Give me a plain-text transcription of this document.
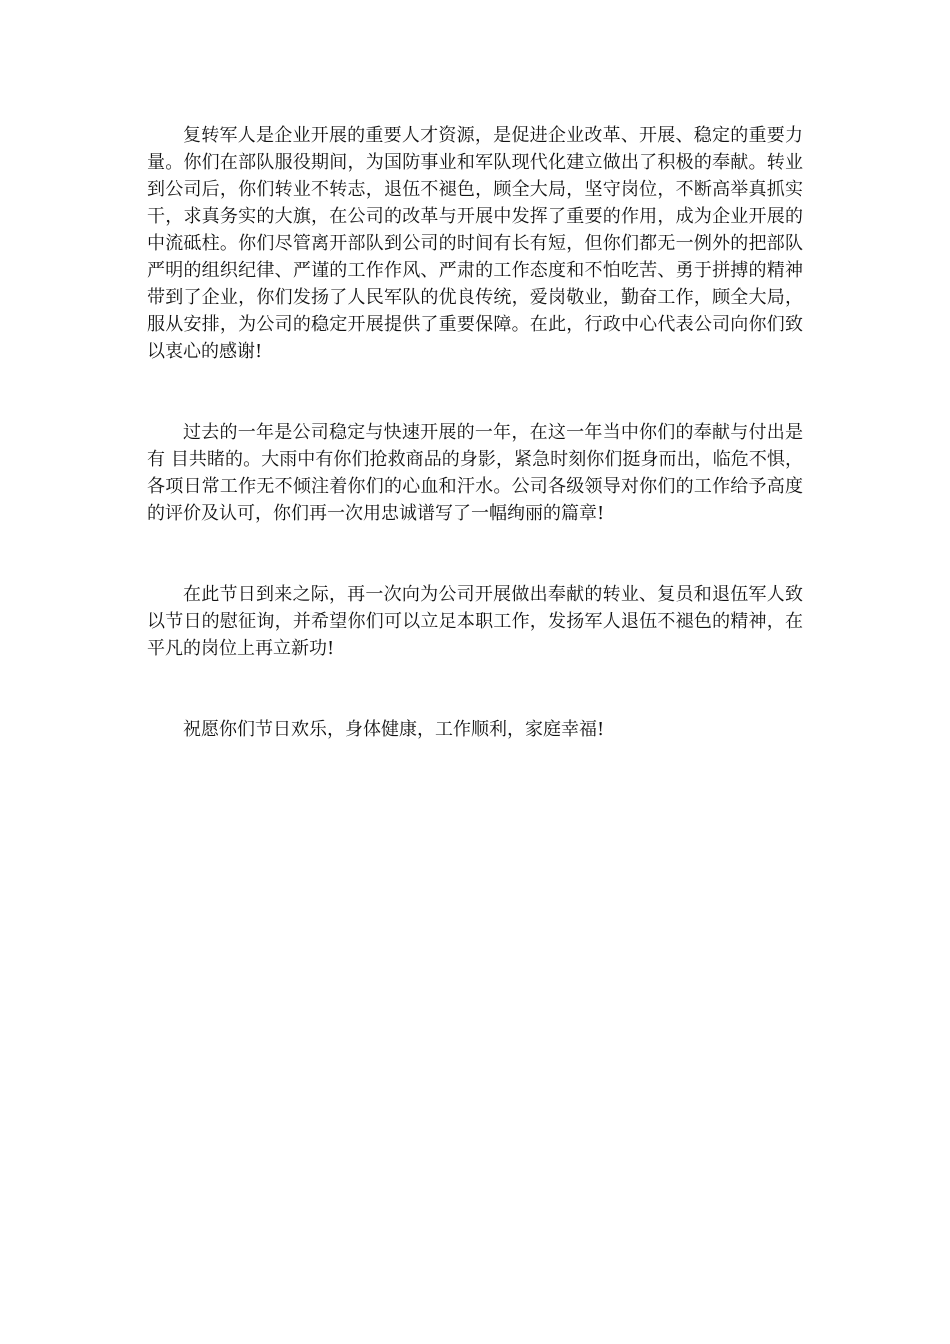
复转军人是企业开展的重要人才资源，是促进企业改革、开展、稳定的重要力量。你们在部队服役期间，为国防事业和军队现代化建立做出了积极的奉献。转业到公司后，你们转业不转志，退伍不褪色，顾全大局，坚守岗位，不断高举真抓实干，求真务实的大旗，在公司的改革与开展中发挥了重要的作用，成为企业开展的中流砥柱。你们尽管离开部队到公司的时间有长有短，但你们都无一例外的把部队严明的组织纪律、严谨的工作作风、严肃的工作态度和不怕吃苦、勇于拼搏的精神带到了企业，你们发扬了人民军队的优良传统，爱岗敬业，勤奋工作，顾全大局，服从安排，为公司的稳定开展提供了重要保障。在此，行政中心代表公司向你们致以衷心的感谢!

过去的一年是公司稳定与快速开展的一年，在这一年当中你们的奉献与付出是有 目共睹的。大雨中有你们抢救商品的身影，紧急时刻你们挺身而出，临危不惧，各项日常工作无不倾注着你们的心血和汗水。公司各级领导对你们的工作给予高度的评价及认可，你们再一次用忠诚谱写了一幅绚丽的篇章!

在此节日到来之际，再一次向为公司开展做出奉献的转业、复员和退伍军人致以节日的慰征询，并希望你们可以立足本职工作，发扬军人退伍不褪色的精神，在平凡的岗位上再立新功!

祝愿你们节日欢乐，身体健康，工作顺利，家庭幸福!
